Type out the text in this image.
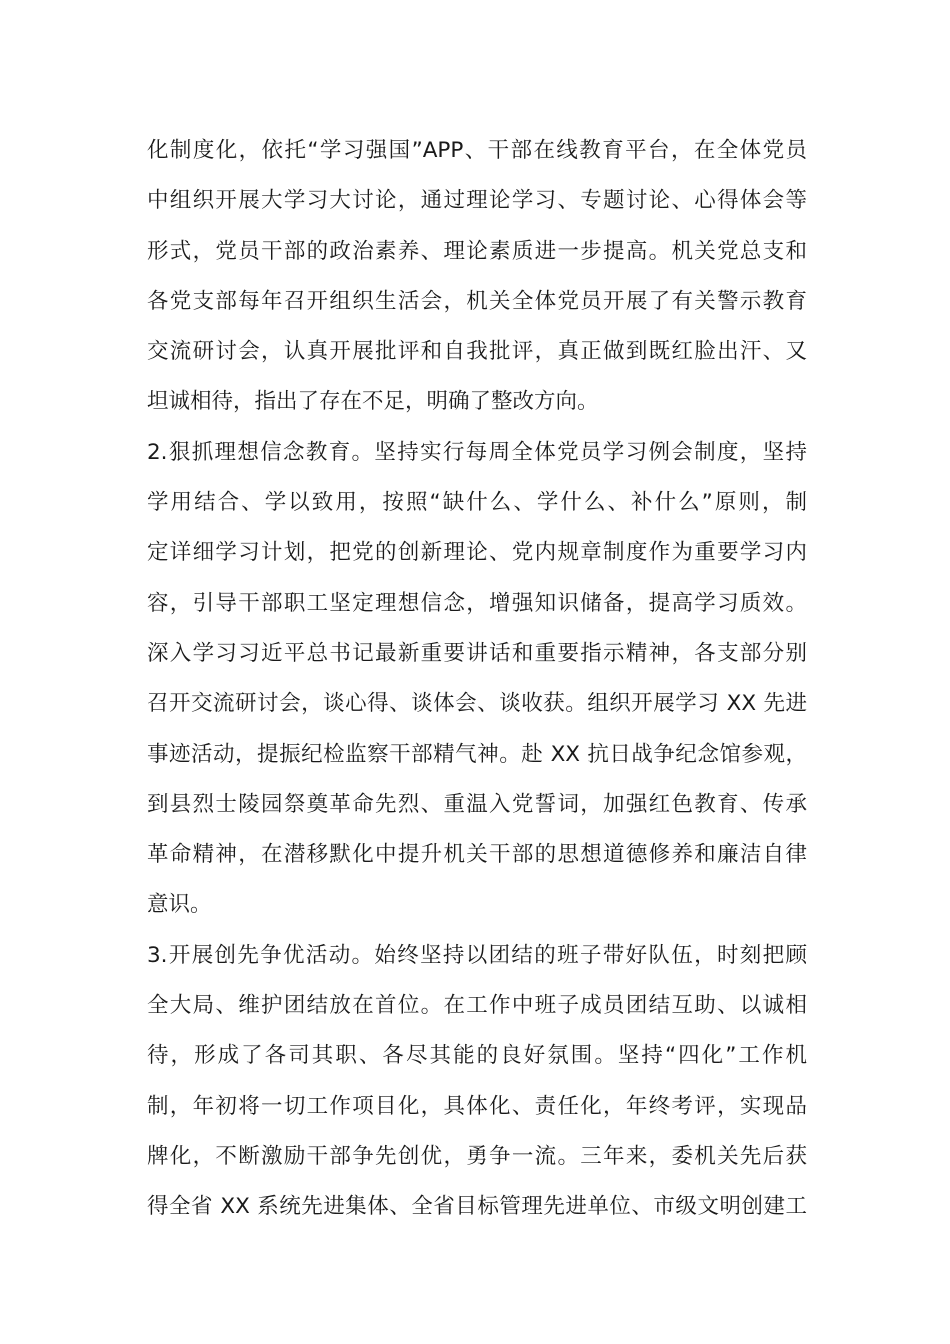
化制度化，依托“学习强国”APP、干部在线教育平台，在全体党员
中组织开展大学习大讨论，通过理论学习、专题讨论、心得体会等
形式，党员干部的政治素养、理论素质进一步提高。机关党总支和
各党支部每年召开组织生活会，机关全体党员开展了有关警示教育
交流研讨会，认真开展批评和自我批评，真正做到既红脸出汗、又
坦诚相待，指出了存在不足，明确了整改方向。
2.狠抓理想信念教育。坚持实行每周全体党员学习例会制度，坚持
学用结合、学以致用，按照“缺什么、学什么、补什么”原则，制
定详细学习计划，把党的创新理论、党内规章制度作为重要学习内
容，引导干部职工坚定理想信念，增强知识储备，提高学习质效。
深入学习习近平总书记最新重要讲话和重要指示精神，各支部分别
召开交流研讨会，谈心得、谈体会、谈收获。组织开展学习 XX 先进
事迹活动，提振纪检监察干部精气神。赴 XX 抗日战争纪念馆参观，
到县烈士陵园祭奠革命先烈、重温入党誓词，加强红色教育、传承
革命精神，在潜移默化中提升机关干部的思想道德修养和廉洁自律
意识。
3.开展创先争优活动。始终坚持以团结的班子带好队伍，时刻把顾
全大局、维护团结放在首位。在工作中班子成员团结互助、以诚相
待，形成了各司其职、各尽其能的良好氛围。坚持“四化”工作机
制，年初将一切工作项目化，具体化、责任化，年终考评，实现品
牌化，不断激励干部争先创优，勇争一流。三年来，委机关先后获
得全省 XX 系统先进集体、全省目标管理先进单位、市级文明创建工
